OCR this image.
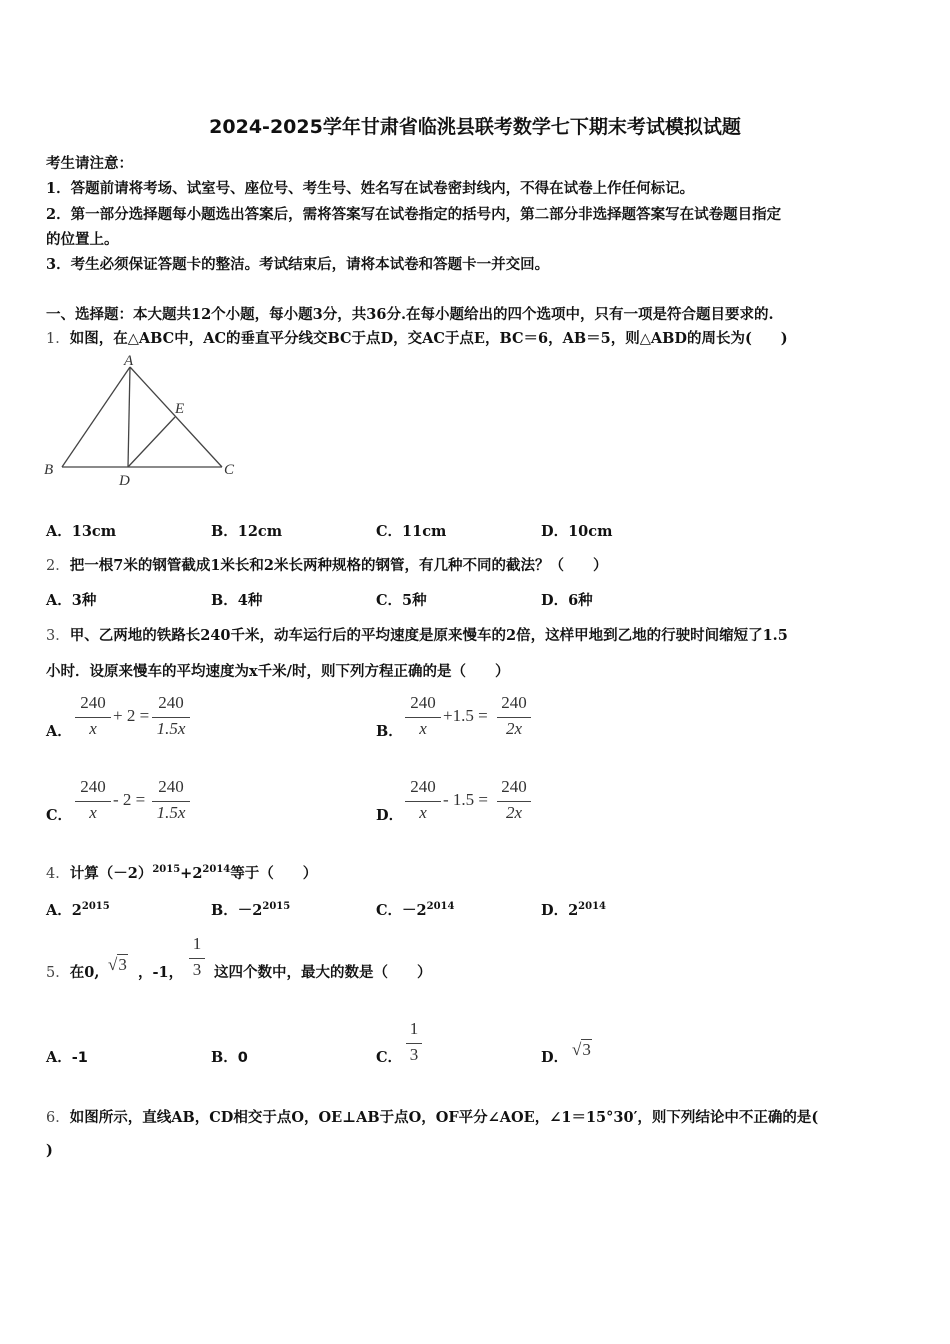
2024-2025学年甘肃省临洮县联考数学七下期末考试模拟试题
考生请注意：
1．答题前请将考场、试室号、座位号、考生号、姓名写在试卷密封线内，不得在试卷上作任何标记。
2．第一部分选择题每小题选出答案后，需将答案写在试卷指定的括号内，第二部分非选择题答案写在试卷题目指定
的位置上。
3．考生必须保证答题卡的整洁。考试结束后，请将本试卷和答题卡一并交回。
一、选择题：本大题共12个小题，每小题3分，共36分.在每小题给出的四个选项中，只有一项是符合题目要求的.
1．如图，在△ABC中，AC的垂直平分线交BC于点D，交AC于点E，BC＝6，AB＝5，则△ABD的周长为(　　)
A
E
B
D
C
A．13cm	B．12cm	C．11cm	D．10cm
2．把一根7米的钢管截成1米长和2米长两种规格的钢管，有几种不同的截法？（　　）
A．3种	B．4种	C．5种	D．6种
3．甲、乙两地的铁路长240千米，动车运行后的平均速度是原来慢车的2倍，这样甲地到乙地的行驶时间缩短了1.5
小时．设原来慢车的平均速度为x千米/时，则下列方程正确的是（　　）
A．
240
x
+ 2 =
240
1.5x	B．
240
x
+1.5 =
240
2x
C．
240
x
- 2 =
240
1.5x	D．
240
x
- 1.5 =
240
2x
4．计算$(-2)^{2015}+2^{2014}$等于（　　）
A．$2^{2015}$	B．$-2^{2015}$	C．$-2^{2014}$	D．$2^{2014}$
5．在0, √3 ，-1，
1
3 这四个数中，最大的数是（　　）
A．-1	B．0	C．
1
3	D． √3
6．如图所示，直线AB，CD相交于点O，OE⊥AB于点O，OF平分∠AOE，∠1＝15°30′，则下列结论中不正确的是(
)
